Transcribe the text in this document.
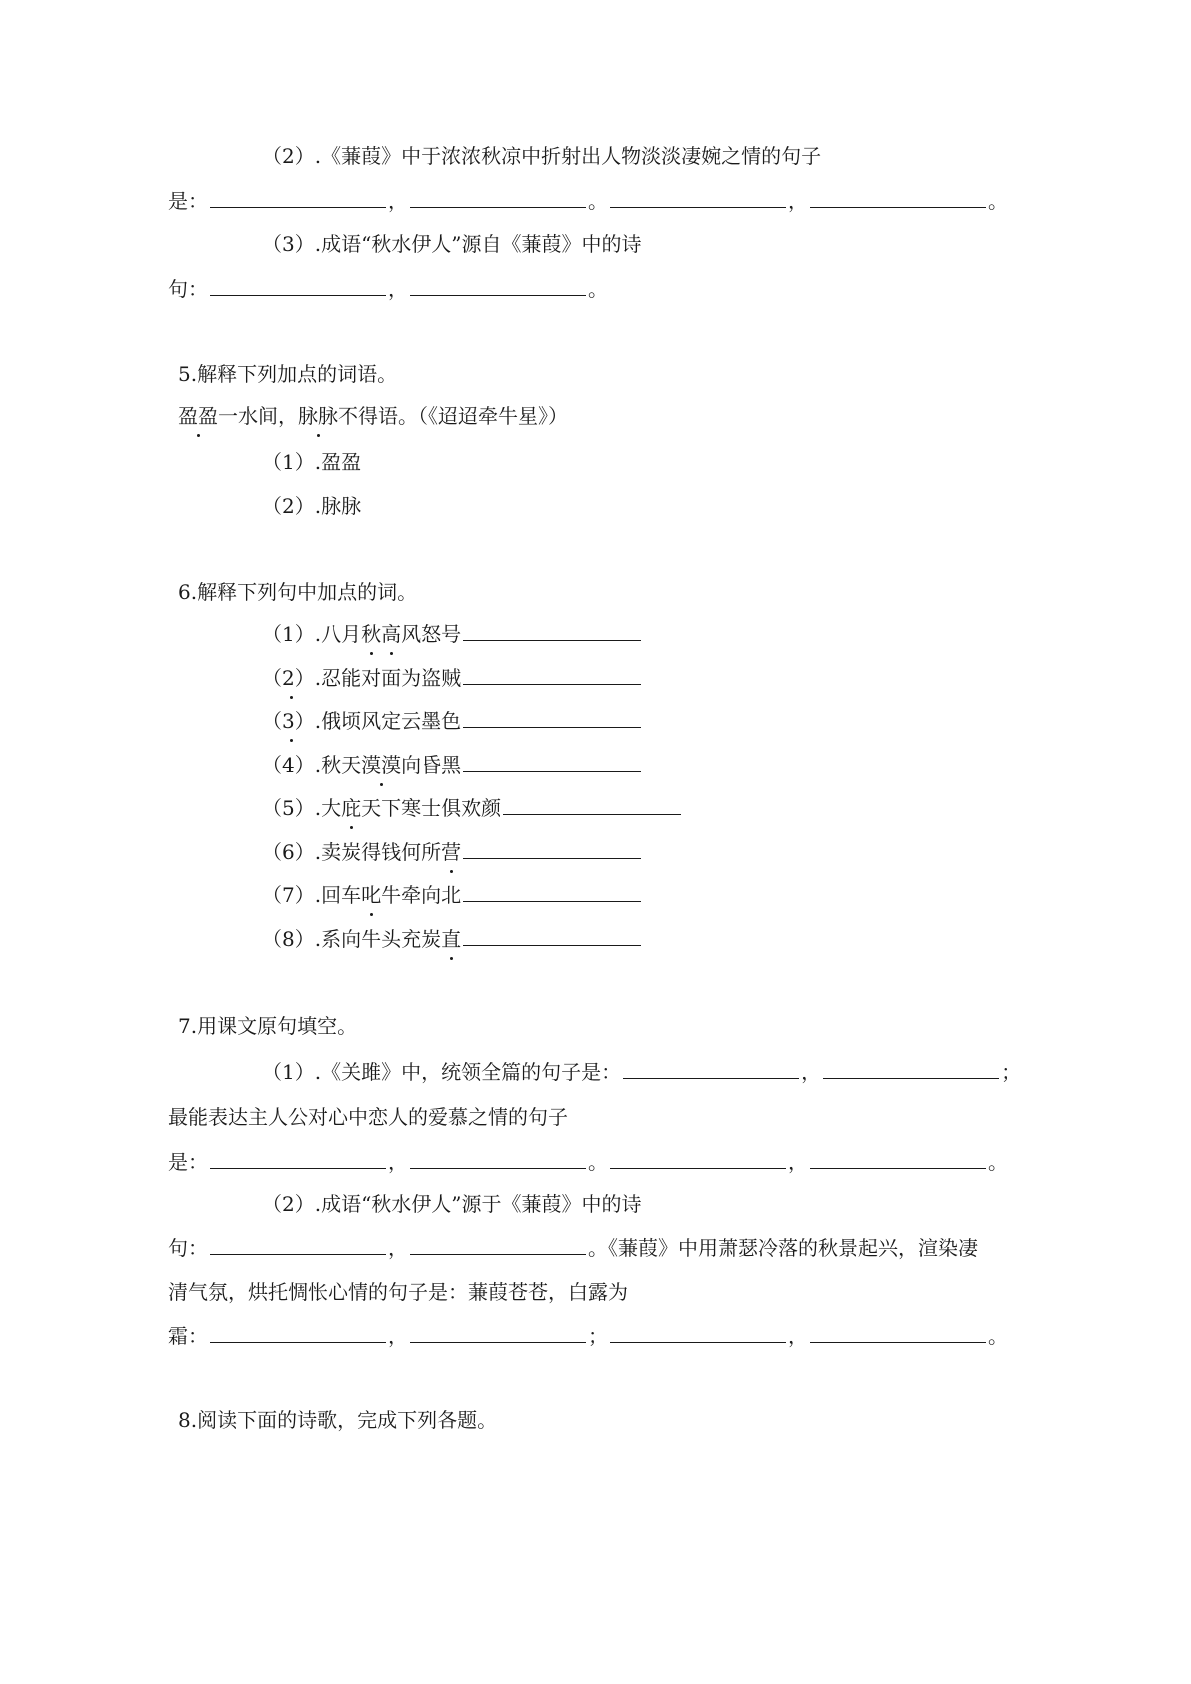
（2）.《蒹葭》中于浓浓秋凉中折射出人物淡淡凄婉之情的句子
是：	，	。	，	。
（3）.成语“秋水伊人”源自《蒹葭》中的诗
句：	，	。
5.解释下列加点的词语。
盈盈一水间，脉脉不得语。（《迢迢牵牛星》）
（1）.盈盈
（2）.脉脉
6.解释下列句中加点的词。
（1）.八月秋高风怒号
（2）.忍能对面为盗贼
（3）.俄顷风定云墨色
（4）.秋天漠漠向昏黑
（5）.大庇天下寒士俱欢颜
（6）.卖炭得钱何所营
（7）.回车叱牛牵向北
（8）.系向牛头充炭直
7.用课文原句填空。
（1）.《关雎》中，统领全篇的句子是：	，	；
最能表达主人公对心中恋人的爱慕之情的句子
是：	，	。	，	。
（2）.成语“秋水伊人”源于《蒹葭》中的诗
句：	，	。《蒹葭》中用萧瑟冷落的秋景起兴，渲染凄
清气氛，烘托惆怅心情的句子是：蒹葭苍苍，白露为
霜：	，	；	，	。
8.阅读下面的诗歌，完成下列各题。
